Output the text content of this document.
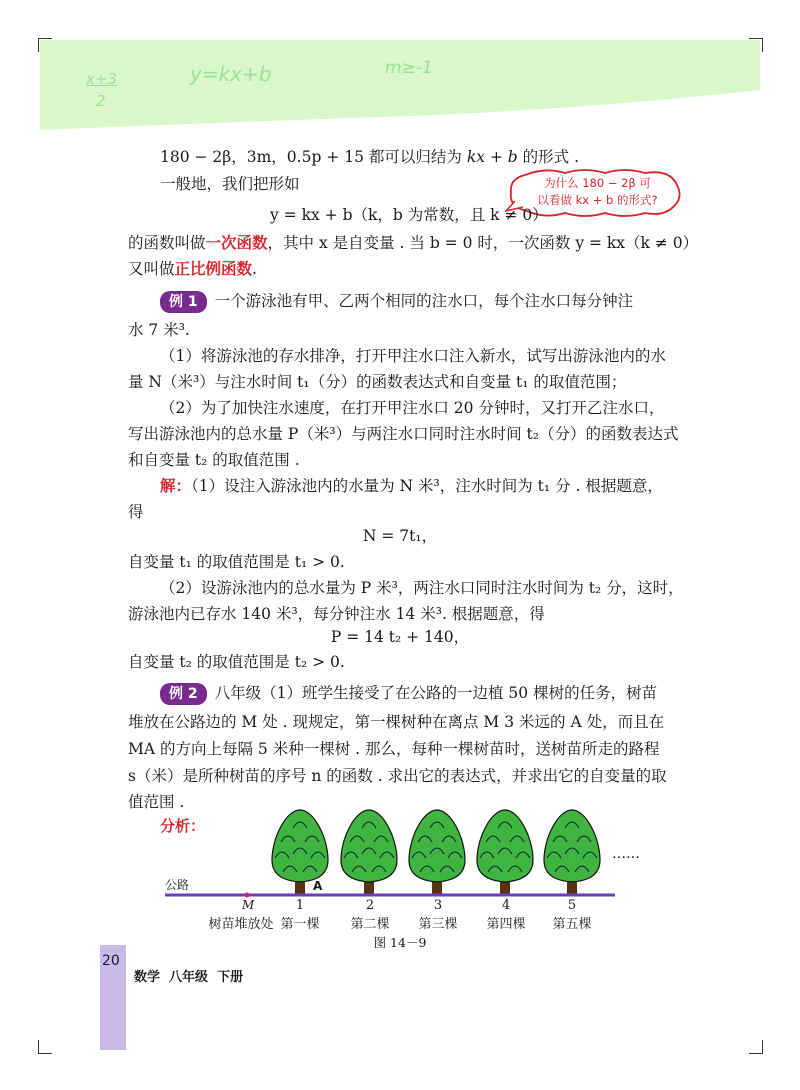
x+3
2
y=kx+b	m≥-1
180 − 2β，3m，0.5p + 15 都可以归结为 kx + b 的形式 .
一般地，我们把形如	为什么 180 − 2β 可
以看做 kx + b 的形式?
y = kx + b（k，b 为常数，且 k ≠ 0）
的函数叫做一次函数，其中 x 是自变量 . 当 b = 0 时，一次函数 y = kx（k ≠ 0）
又叫做正比例函数.
例 1 一个游泳池有甲、乙两个相同的注水口，每个注水口每分钟注
水 7 米³.
（1）将游泳池的存水排净，打开甲注水口注入新水，试写出游泳池内的水
量 N（米³）与注水时间 t₁（分）的函数表达式和自变量 t₁ 的取值范围；
（2）为了加快注水速度，在打开甲注水口 20 分钟时，又打开乙注水口，
写出游泳池内的总水量 P（米³）与两注水口同时注水时间 t₂（分）的函数表达式
和自变量 t₂ 的取值范围 .
解：（1）设注入游泳池内的水量为 N 米³，注水时间为 t₁ 分 . 根据题意，
得
N = 7t₁，
自变量 t₁ 的取值范围是 t₁ > 0.
（2）设游泳池内的总水量为 P 米³，两注水口同时注水时间为 t₂ 分，这时，
游泳池内已存水 140 米³，每分钟注水 14 米³. 根据题意，得
P = 14 t₂ + 140，
自变量 t₂ 的取值范围是 t₂ > 0.
例 2 八年级（1）班学生接受了在公路的一边植 50 棵树的任务，树苗
堆放在公路边的 M 处 . 现规定，第一棵树种在离点 M 3 米远的 A 处，而且在
MA 的方向上每隔 5 米种一棵树 . 那么，每种一棵树苗时，送树苗所走的路程
s（米）是所种树苗的序号 n 的函数 . 求出它的表达式，并求出它的自变量的取
值范围 .
分析：
公路	A
M
……
1	2	3	4	5
树苗堆放处 第一棵	第二棵	第三棵	第四棵	第五棵
图 14－9
20
数学  八年级  下册
